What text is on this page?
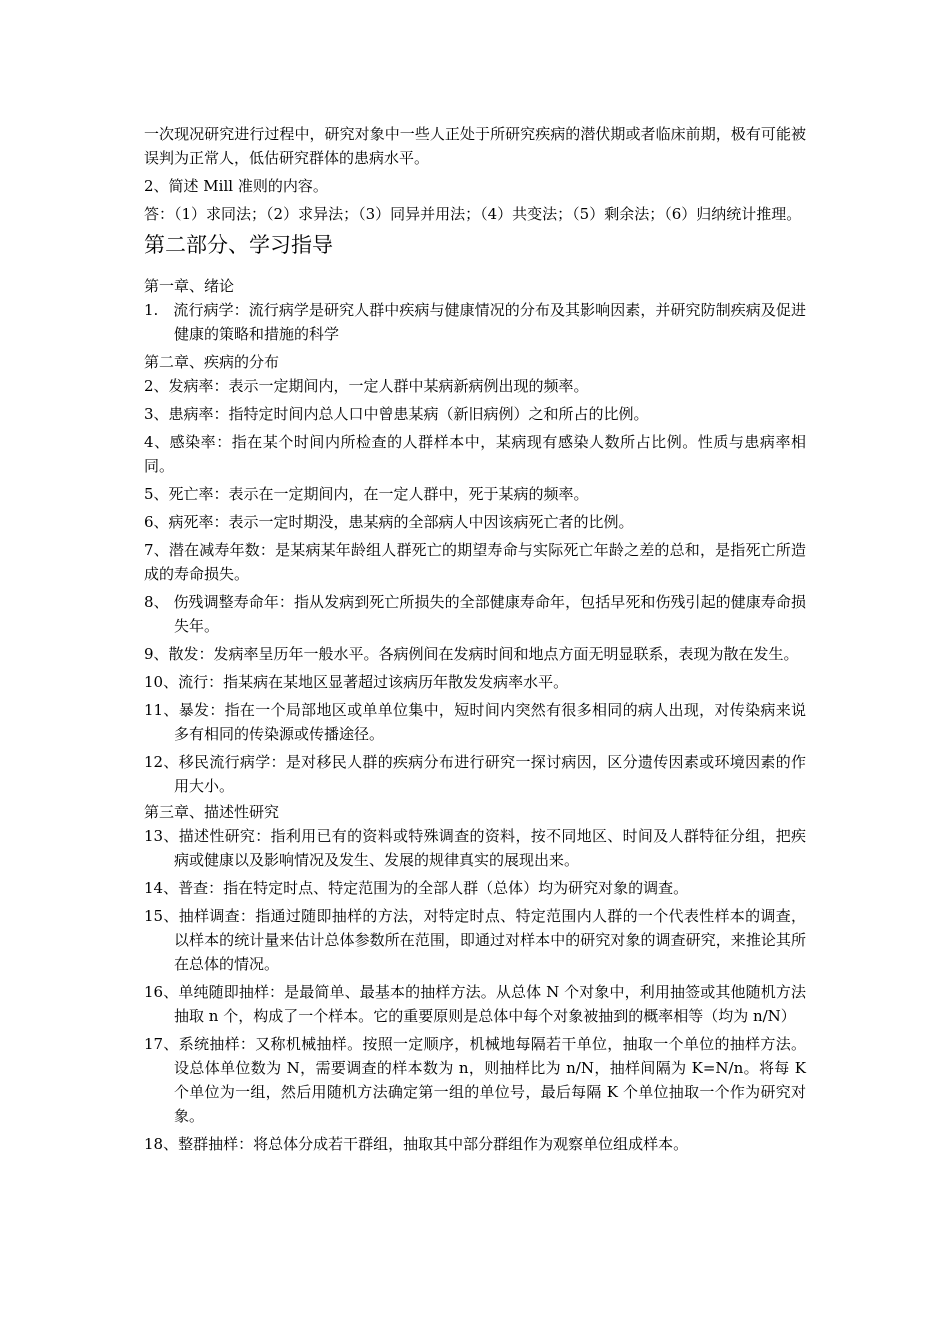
一次现况研究进行过程中，研究对象中一些人正处于所研究疾病的潜伏期或者临床前期，极有可能被误判为正常人，低估研究群体的患病水平。

2、简述 Mill 准则的内容。

答：（1）求同法；（2）求异法；（3）同异并用法；（4）共变法；（5）剩余法；（6）归纳统计推理。

第二部分、学习指导

第一章、绪论

1.　流行病学：流行病学是研究人群中疾病与健康情况的分布及其影响因素，并研究防制疾病及促进健康的策略和措施的科学

第二章、疾病的分布

2、发病率：表示一定期间内，一定人群中某病新病例出现的频率。

3、患病率：指特定时间内总人口中曾患某病（新旧病例）之和所占的比例。

4、感染率：指在某个时间内所检查的人群样本中，某病现有感染人数所占比例。性质与患病率相同。

5、死亡率：表示在一定期间内，在一定人群中，死于某病的频率。

6、病死率：表示一定时期没，患某病的全部病人中因该病死亡者的比例。

7、潜在减寿年数：是某病某年龄组人群死亡的期望寿命与实际死亡年龄之差的总和，是指死亡所造成的寿命损失。

8、 伤残调整寿命年：指从发病到死亡所损失的全部健康寿命年，包括早死和伤残引起的健康寿命损失年。

9、散发：发病率呈历年一般水平。各病例间在发病时间和地点方面无明显联系，表现为散在发生。

10、流行：指某病在某地区显著超过该病历年散发发病率水平。

11、暴发：指在一个局部地区或单单位集中，短时间内突然有很多相同的病人出现，对传染病来说多有相同的传染源或传播途径。

12、移民流行病学：是对移民人群的疾病分布进行研究一探讨病因，区分遗传因素或环境因素的作用大小。

第三章、描述性研究

13、描述性研究：指利用已有的资料或特殊调查的资料，按不同地区、时间及人群特征分组，把疾病或健康以及影响情况及发生、发展的规律真实的展现出来。

14、普查：指在特定时点、特定范围为的全部人群（总体）均为研究对象的调查。

15、抽样调查：指通过随即抽样的方法，对特定时点、特定范围内人群的一个代表性样本的调查，以样本的统计量来估计总体参数所在范围，即通过对样本中的研究对象的调查研究，来推论其所在总体的情况。

16、单纯随即抽样：是最简单、最基本的抽样方法。从总体 N 个对象中，利用抽签或其他随机方法抽取 n 个，构成了一个样本。它的重要原则是总体中每个对象被抽到的概率相等（均为 n/N）

17、系统抽样：又称机械抽样。按照一定顺序，机械地每隔若干单位，抽取一个单位的抽样方法。设总体单位数为 N，需要调查的样本数为 n，则抽样比为 n/N，抽样间隔为 K=N/n。将每 K 个单位为一组，然后用随机方法确定第一组的单位号，最后每隔 K 个单位抽取一个作为研究对象。

18、整群抽样：将总体分成若干群组，抽取其中部分群组作为观察单位组成样本。
